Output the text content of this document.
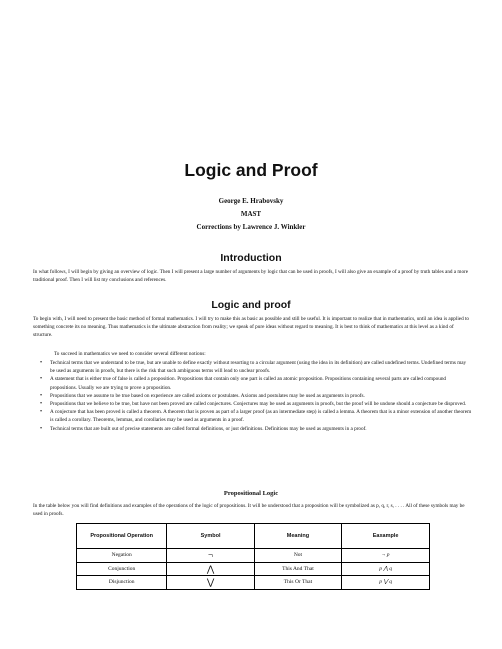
Logic and Proof
George E. Hrabovsky
MAST
Corrections by Lawrence J. Winkler
Introduction
In what follows, I will begin by giving an overview of logic. Then I will present a large number of arguments by logic that can be used in proofs, I will also give an example of a proof by truth tables and a more traditional proof. Then I will list my conclusions and references.
Logic and proof
To begin with, I will need to present the basic method of formal mathematics. I will try to make this as basic as possible and still be useful. It is important to realize that in mathematics, until an idea is applied to something concrete its no meaning. Thus mathematics is the ultimate abstraction from reality; we speak of pure ideas without regard to meaning. It is best to think of mathematics at this level as a kind of structure.
To succeed in mathematics we need to consider several different notions:
• Technical terms that we understand to be true, but are unable to define exactly without resorting to a circular argument (using the idea in its definition) are called undefined terms. Undefined terms may be used as arguments in proofs, but there is the risk that such ambiguous terms will lead to unclear proofs.
• A statement that is either true of false is called a proposition. Propositions that contain only one part is called an atomic proposition. Propositions containing several parts are called compound propositions. Usually we are trying to prove a proposition.
• Propositions that we assume to be true based on experience are called axioms or postulates. Axioms and postulates may be used as arguments in proofs.
• Propositions that we believe to be true, but have not been proved are called conjectures. Conjectures may be used as arguments in proofs, but the proof will be undone should a conjecture be disproved.
• A conjecture that has been proved is called a theorem. A theorem that is proven as part of a larger proof (as an intermediate step) is called a lemma. A theorem that is a minor extension of another theorem is called a corollary. Theorems, lemmas, and corollaries may be used as arguments in a proof.
• Technical terms that are built out of precise statements are called formal definitions, or just definitions. Definitions may be used as arguments in a proof.
Propositional Logic
In the table below you will find definitions and examples of the operations of the logic of propositions. It will be understood that a proposition will be symbolized as p, q, r, s, . . . . All of these symbols may be used in proofs.
Propositional Operation	Symbol	Meaning	Eaxample
Negation	¬	Not	¬ p
Conjunction	⋀	This And That	p ⋀ q
Disjunction	⋁	This Or That	p ⋁ q
